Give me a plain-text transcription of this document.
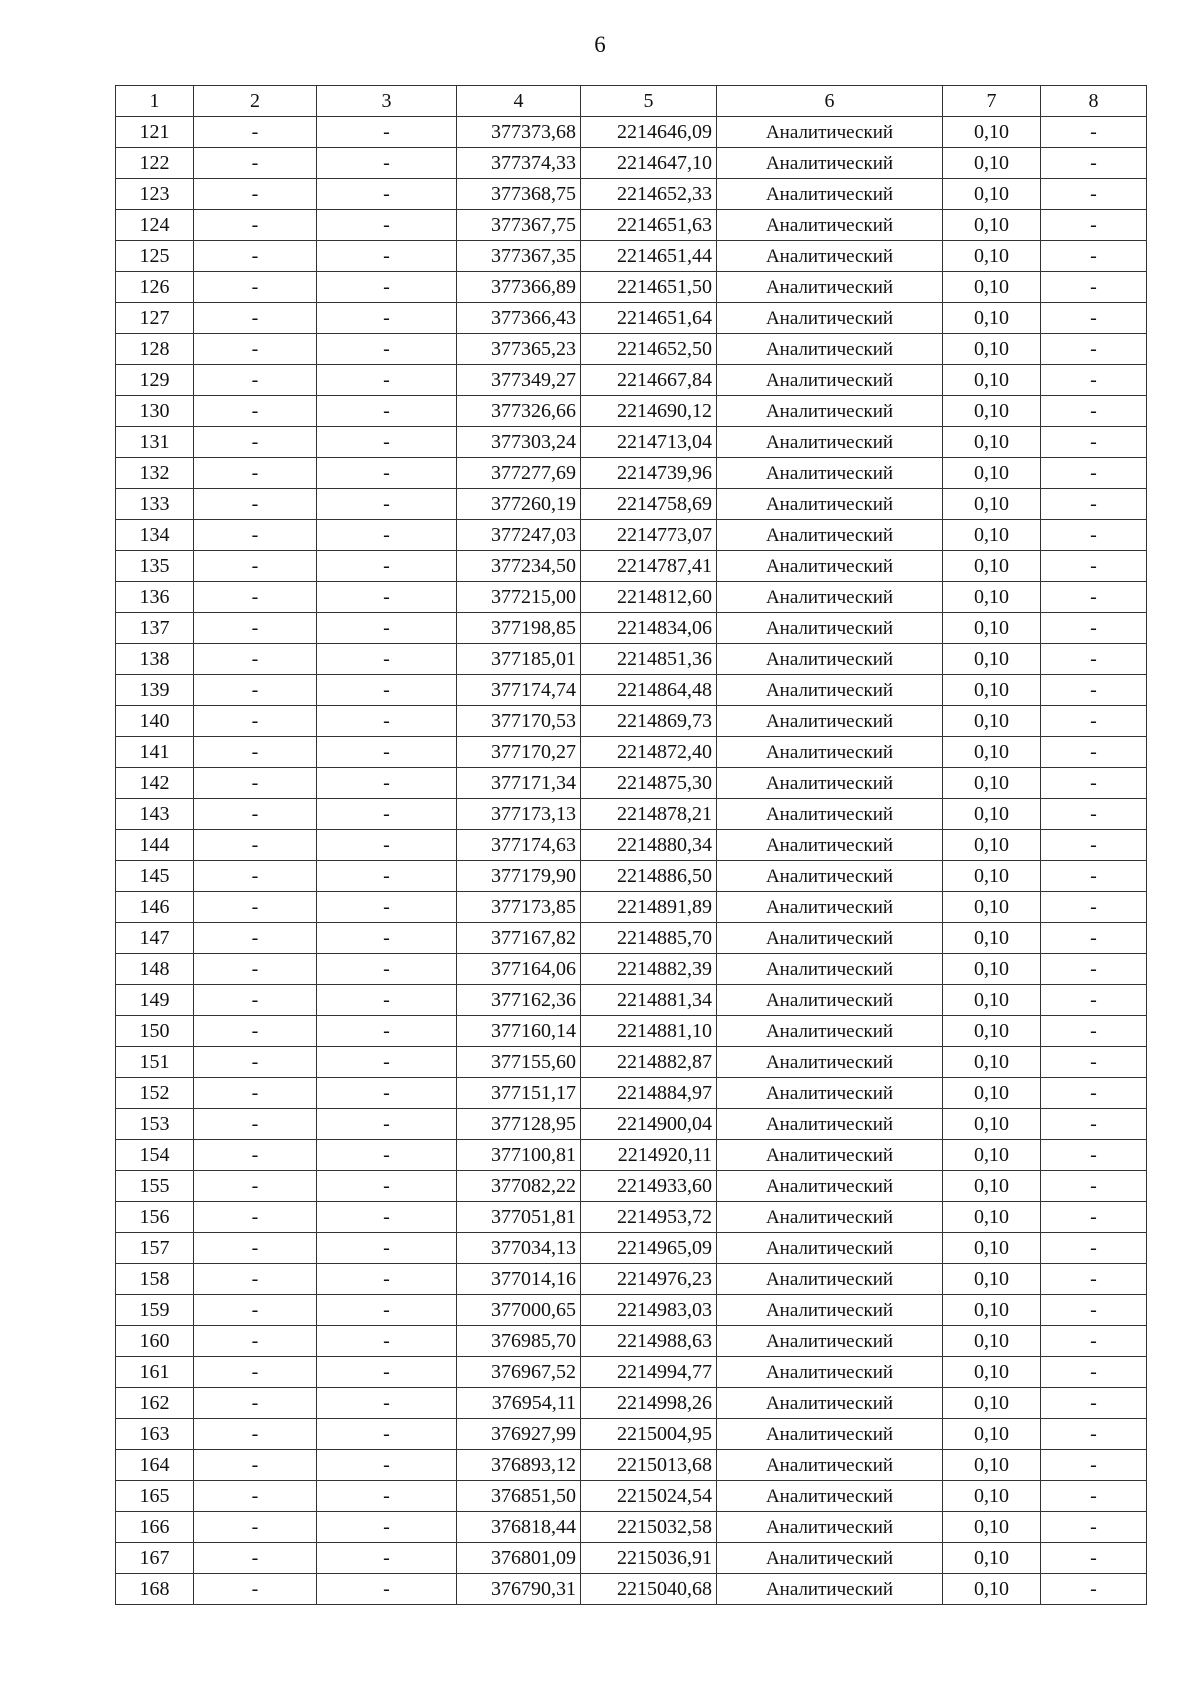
6
1	2	3	4	5	6	7	8
121	-	-	377373,68	2214646,09	Аналитический	0,10	-
122	-	-	377374,33	2214647,10	Аналитический	0,10	-
123	-	-	377368,75	2214652,33	Аналитический	0,10	-
124	-	-	377367,75	2214651,63	Аналитический	0,10	-
125	-	-	377367,35	2214651,44	Аналитический	0,10	-
126	-	-	377366,89	2214651,50	Аналитический	0,10	-
127	-	-	377366,43	2214651,64	Аналитический	0,10	-
128	-	-	377365,23	2214652,50	Аналитический	0,10	-
129	-	-	377349,27	2214667,84	Аналитический	0,10	-
130	-	-	377326,66	2214690,12	Аналитический	0,10	-
131	-	-	377303,24	2214713,04	Аналитический	0,10	-
132	-	-	377277,69	2214739,96	Аналитический	0,10	-
133	-	-	377260,19	2214758,69	Аналитический	0,10	-
134	-	-	377247,03	2214773,07	Аналитический	0,10	-
135	-	-	377234,50	2214787,41	Аналитический	0,10	-
136	-	-	377215,00	2214812,60	Аналитический	0,10	-
137	-	-	377198,85	2214834,06	Аналитический	0,10	-
138	-	-	377185,01	2214851,36	Аналитический	0,10	-
139	-	-	377174,74	2214864,48	Аналитический	0,10	-
140	-	-	377170,53	2214869,73	Аналитический	0,10	-
141	-	-	377170,27	2214872,40	Аналитический	0,10	-
142	-	-	377171,34	2214875,30	Аналитический	0,10	-
143	-	-	377173,13	2214878,21	Аналитический	0,10	-
144	-	-	377174,63	2214880,34	Аналитический	0,10	-
145	-	-	377179,90	2214886,50	Аналитический	0,10	-
146	-	-	377173,85	2214891,89	Аналитический	0,10	-
147	-	-	377167,82	2214885,70	Аналитический	0,10	-
148	-	-	377164,06	2214882,39	Аналитический	0,10	-
149	-	-	377162,36	2214881,34	Аналитический	0,10	-
150	-	-	377160,14	2214881,10	Аналитический	0,10	-
151	-	-	377155,60	2214882,87	Аналитический	0,10	-
152	-	-	377151,17	2214884,97	Аналитический	0,10	-
153	-	-	377128,95	2214900,04	Аналитический	0,10	-
154	-	-	377100,81	2214920,11	Аналитический	0,10	-
155	-	-	377082,22	2214933,60	Аналитический	0,10	-
156	-	-	377051,81	2214953,72	Аналитический	0,10	-
157	-	-	377034,13	2214965,09	Аналитический	0,10	-
158	-	-	377014,16	2214976,23	Аналитический	0,10	-
159	-	-	377000,65	2214983,03	Аналитический	0,10	-
160	-	-	376985,70	2214988,63	Аналитический	0,10	-
161	-	-	376967,52	2214994,77	Аналитический	0,10	-
162	-	-	376954,11	2214998,26	Аналитический	0,10	-
163	-	-	376927,99	2215004,95	Аналитический	0,10	-
164	-	-	376893,12	2215013,68	Аналитический	0,10	-
165	-	-	376851,50	2215024,54	Аналитический	0,10	-
166	-	-	376818,44	2215032,58	Аналитический	0,10	-
167	-	-	376801,09	2215036,91	Аналитический	0,10	-
168	-	-	376790,31	2215040,68	Аналитический	0,10	-
